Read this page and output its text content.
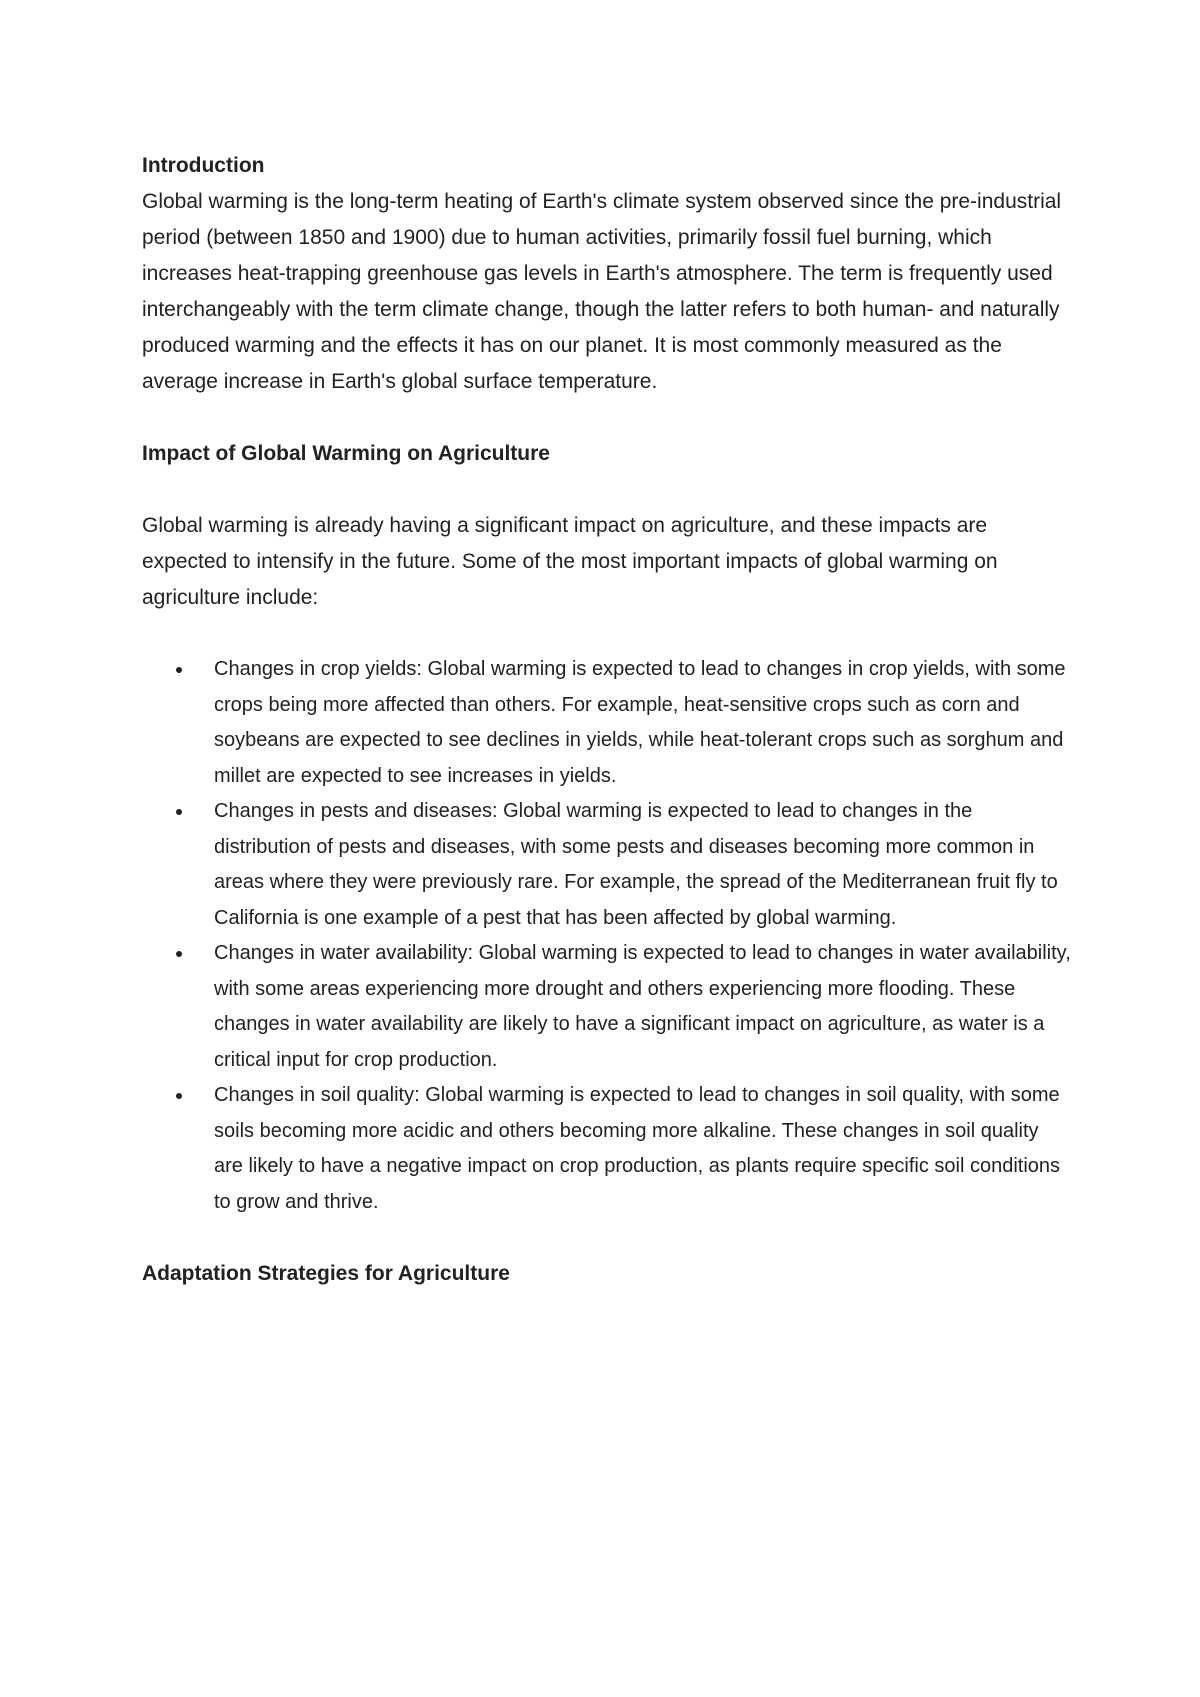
Introduction

Global warming is the long-term heating of Earth's climate system observed since the pre-industrial period (between 1850 and 1900) due to human activities, primarily fossil fuel burning, which increases heat-trapping greenhouse gas levels in Earth's atmosphere. The term is frequently used interchangeably with the term climate change, though the latter refers to both human- and naturally produced warming and the effects it has on our planet. It is most commonly measured as the average increase in Earth's global surface temperature.

Impact of Global Warming on Agriculture

Global warming is already having a significant impact on agriculture, and these impacts are expected to intensify in the future. Some of the most important impacts of global warming on agriculture include:

Changes in crop yields: Global warming is expected to lead to changes in crop yields, with some crops being more affected than others. For example, heat-sensitive crops such as corn and soybeans are expected to see declines in yields, while heat-tolerant crops such as sorghum and millet are expected to see increases in yields.
Changes in pests and diseases: Global warming is expected to lead to changes in the distribution of pests and diseases, with some pests and diseases becoming more common in areas where they were previously rare. For example, the spread of the Mediterranean fruit fly to California is one example of a pest that has been affected by global warming.
Changes in water availability: Global warming is expected to lead to changes in water availability, with some areas experiencing more drought and others experiencing more flooding. These changes in water availability are likely to have a significant impact on agriculture, as water is a critical input for crop production.
Changes in soil quality: Global warming is expected to lead to changes in soil quality, with some soils becoming more acidic and others becoming more alkaline. These changes in soil quality are likely to have a negative impact on crop production, as plants require specific soil conditions to grow and thrive.
Adaptation Strategies for Agriculture
